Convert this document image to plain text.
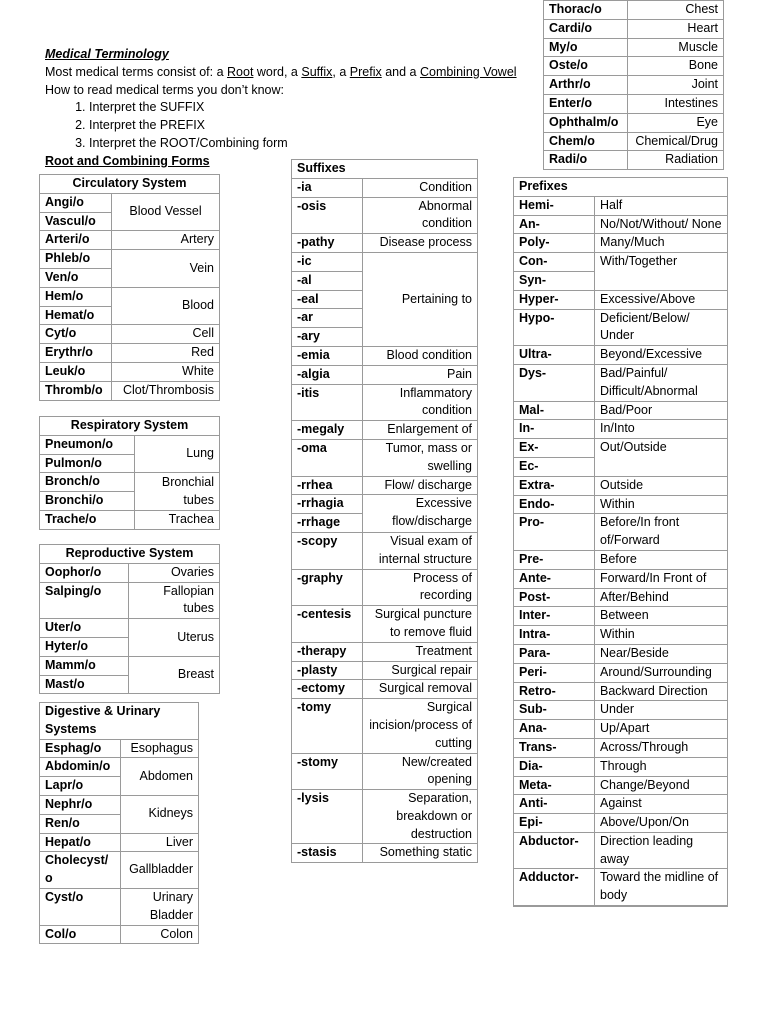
Thorac/o	Chest
Cardi/o	Heart
My/o	Muscle
Oste/o	Bone
Arthr/o	Joint
Enter/o	Intestines
Ophthalm/o	Eye
Chem/o	Chemical/Drug
Radi/o	Radiation
Medical Terminology
Most medical terms consist of: a Root word, a Suffix, a Prefix and a Combining Vowel
How to read medical terms you don’t know:
1. Interpret the SUFFIX
2. Interpret the PREFIX
3. Interpret the ROOT/Combining form
Root and Combining Forms
Circulatory System	
Angi/o	Blood Vessel
Vascul/o	
Arteri/o	Artery
Phleb/o	Vein
Ven/o	
Hem/o	Blood
Hemat/o	
Cyt/o	Cell
Erythr/o	Red
Leuk/o	White
Thromb/o	Clot/Thrombosis
Respiratory System	
Pneumon/o	Lung
Pulmon/o	
Bronch/o	Bronchial tubes
Bronchi/o	
Trache/o	Trachea
Reproductive System	
Oophor/o	Ovaries
Salping/o	Fallopian tubes
Uter/o	Uterus
Hyter/o	
Mamm/o	Breast
Mast/o	
Digestive & Urinary Systems	
Esphag/o	Esophagus
Abdomin/o	Abdomen
Lapr/o	
Nephr/o	Kidneys
Ren/o	
Hepat/o	Liver
Cholecyst/ o	Gallbladder
Cyst/o	Urinary Bladder
Col/o	Colon
Suffixes	
-ia	Condition
-osis	Abnormal condition
-pathy	Disease process
-ic	Pertaining to
-al	
-eal	
-ar	
-ary	
-emia	Blood condition
-algia	Pain
-itis	Inflammatory condition
-megaly	Enlargement of
-oma	Tumor, mass or swelling
-rrhea	Flow/ discharge
-rrhagia	Excessive flow/discharge
-rrhage	
-scopy	Visual exam of internal structure
-graphy	Process of recording
-centesis	Surgical puncture to remove fluid
-therapy	Treatment
-plasty	Surgical repair
-ectomy	Surgical removal
-tomy	Surgical incision/process of cutting
-stomy	New/created opening
-lysis	Separation, breakdown or destruction
-stasis	Something static
Prefixes	
Hemi-	Half
An-	No/Not/Without/ None
Poly-	Many/Much
Con-	With/Together
Syn-	
Hyper-	Excessive/Above
Hypo-	Deficient/Below/ Under
Ultra-	Beyond/Excessive
Dys-	Bad/Painful/ Difficult/Abnormal
Mal-	Bad/Poor
In-	In/Into
Ex-	Out/Outside
Ec-	
Extra-	Outside
Endo-	Within
Pro-	Before/In front of/Forward
Pre-	Before
Ante-	Forward/In Front of
Post-	After/Behind
Inter-	Between
Intra-	Within
Para-	Near/Beside
Peri-	Around/Surrounding
Retro-	Backward Direction
Sub-	Under
Ana-	Up/Apart
Trans-	Across/Through
Dia-	Through
Meta-	Change/Beyond
Anti-	Against
Epi-	Above/Upon/On
Abductor-	Direction leading away
Adductor-	Toward the midline of body
